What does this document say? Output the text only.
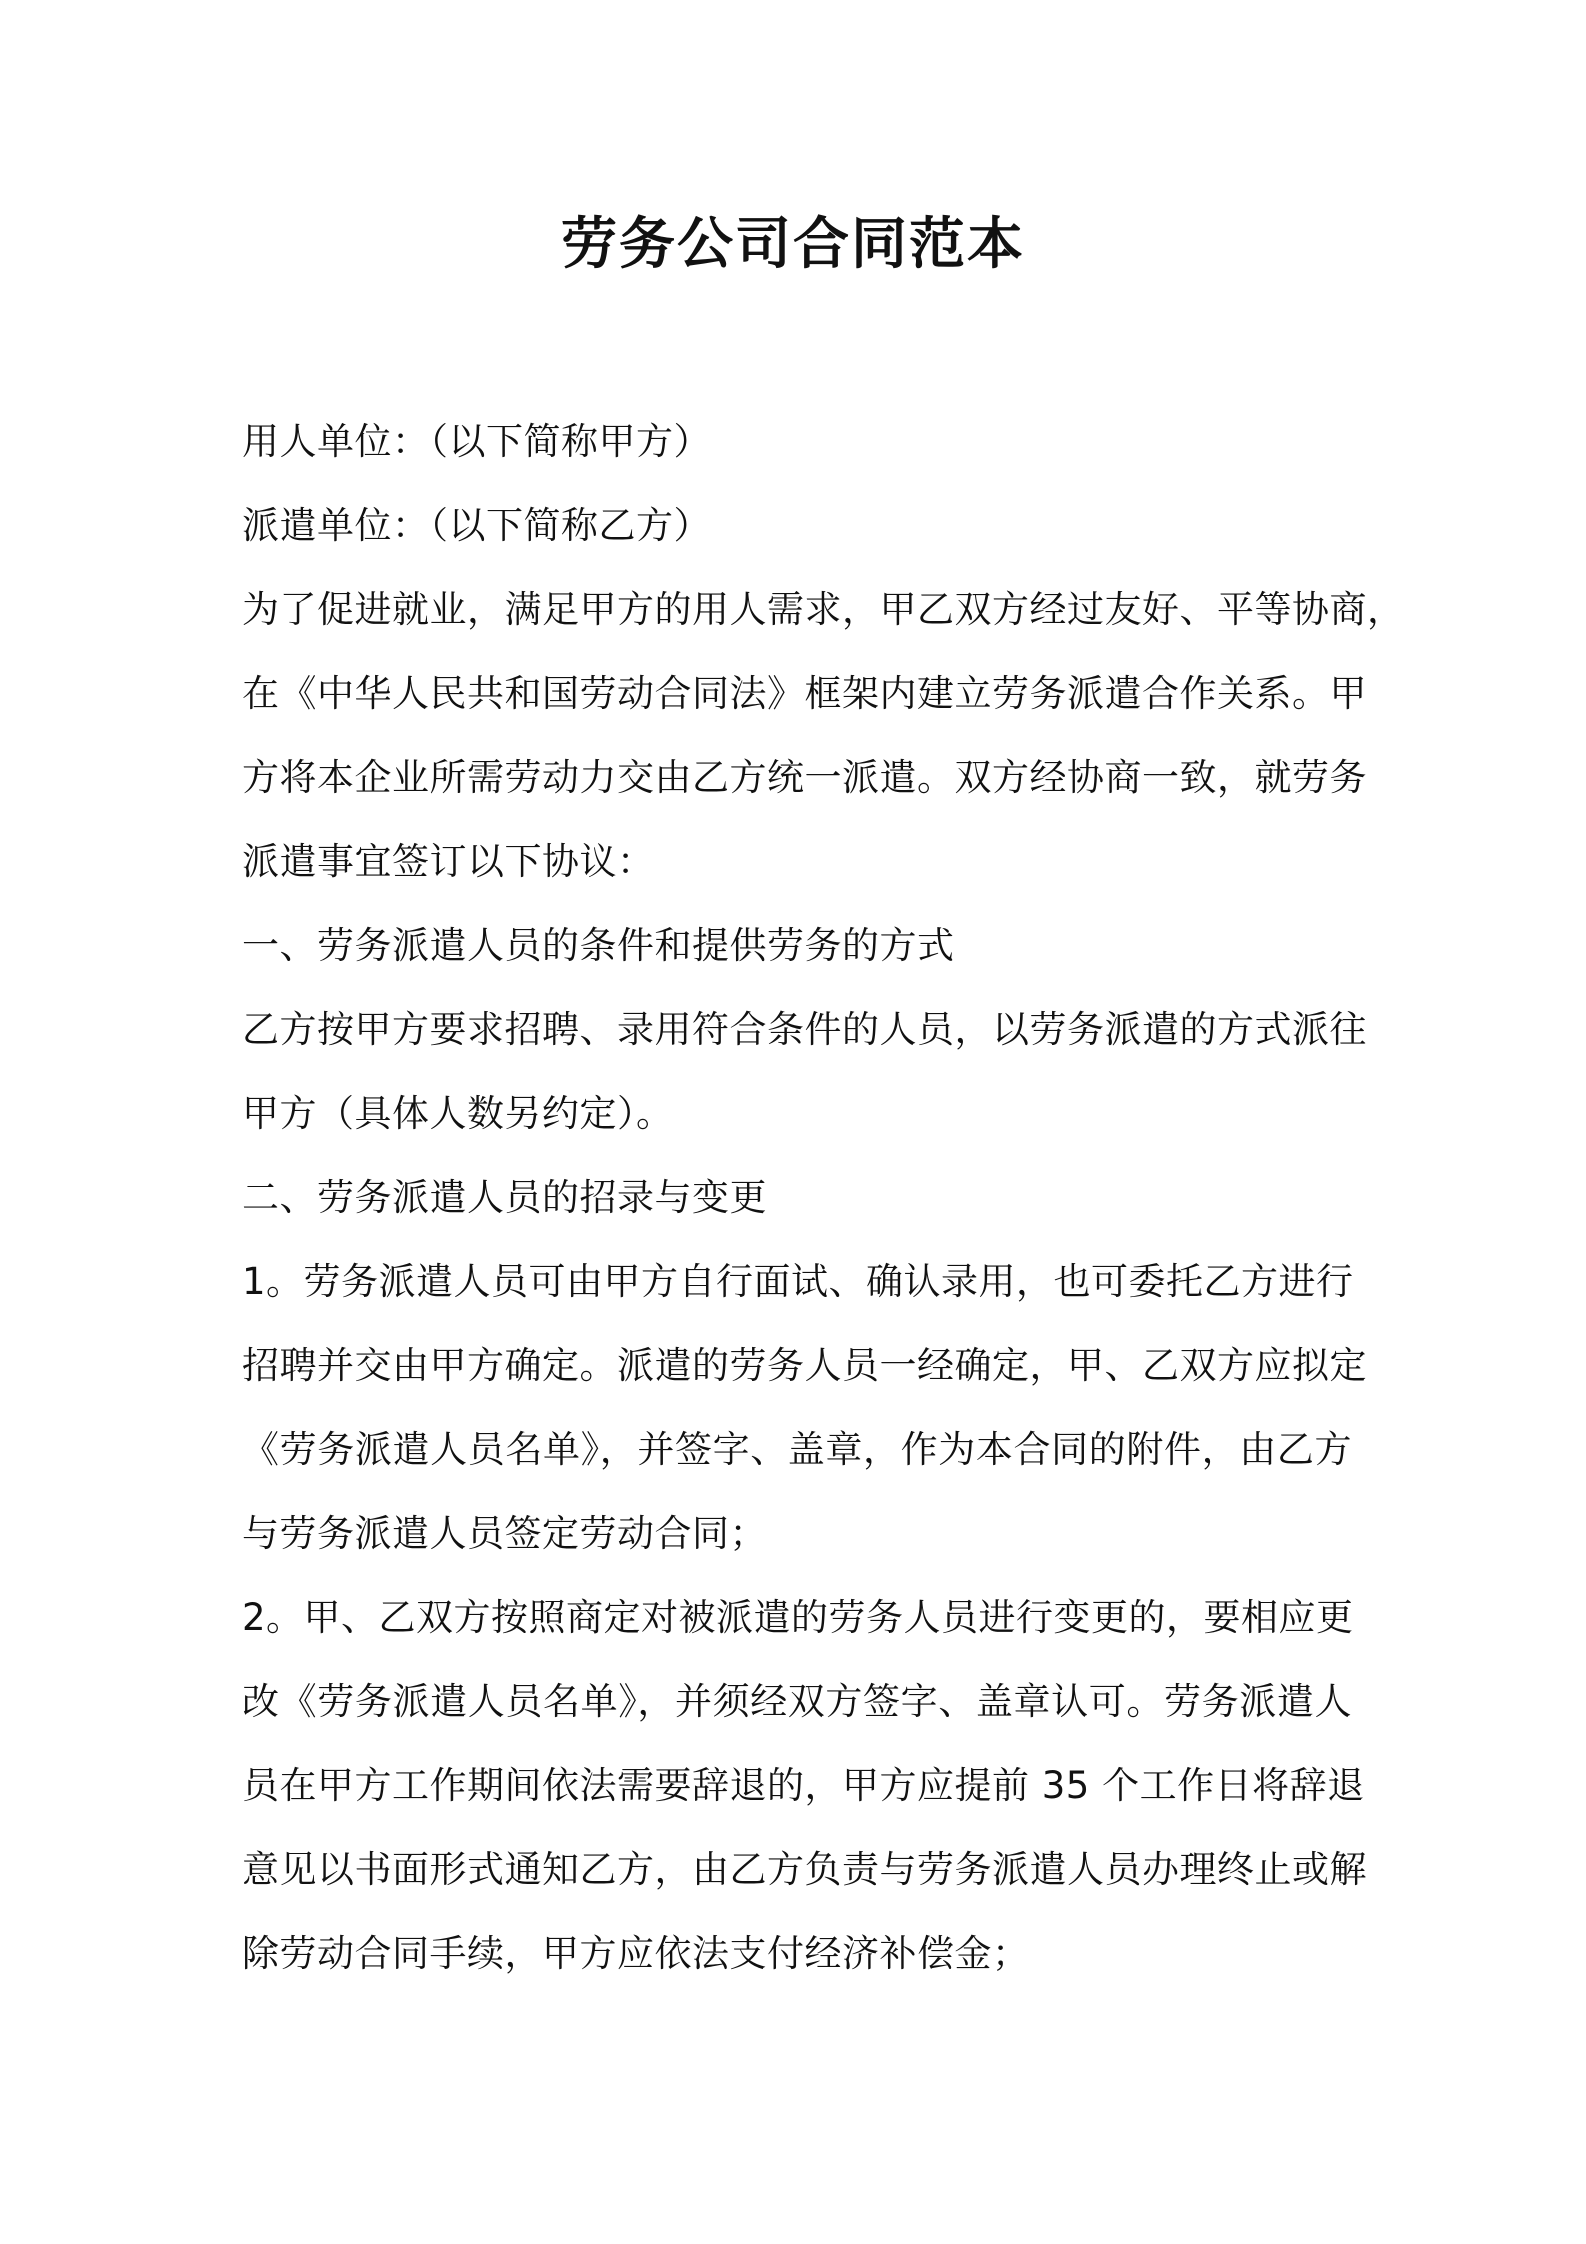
劳务公司合同范本
用人单位：（以下简称甲方）
派遣单位：（以下简称乙方）
为了促进就业，满足甲方的用人需求，甲乙双方经过友好、平等协商，
在《中华人民共和国劳动合同法》框架内建立劳务派遣合作关系。甲
方将本企业所需劳动力交由乙方统一派遣。双方经协商一致，就劳务
派遣事宜签订以下协议：
一、劳务派遣人员的条件和提供劳务的方式
乙方按甲方要求招聘、录用符合条件的人员，以劳务派遣的方式派往
甲方（具体人数另约定）。
二、劳务派遣人员的招录与变更
1。劳务派遣人员可由甲方自行面试、确认录用，也可委托乙方进行
招聘并交由甲方确定。派遣的劳务人员一经确定，甲、乙双方应拟定
《劳务派遣人员名单》，并签字、盖章，作为本合同的附件，由乙方
与劳务派遣人员签定劳动合同；
2。甲、乙双方按照商定对被派遣的劳务人员进行变更的，要相应更
改《劳务派遣人员名单》，并须经双方签字、盖章认可。劳务派遣人
员在甲方工作期间依法需要辞退的，甲方应提前 35 个工作日将辞退
意见以书面形式通知乙方，由乙方负责与劳务派遣人员办理终止或解
除劳动合同手续，甲方应依法支付经济补偿金；
